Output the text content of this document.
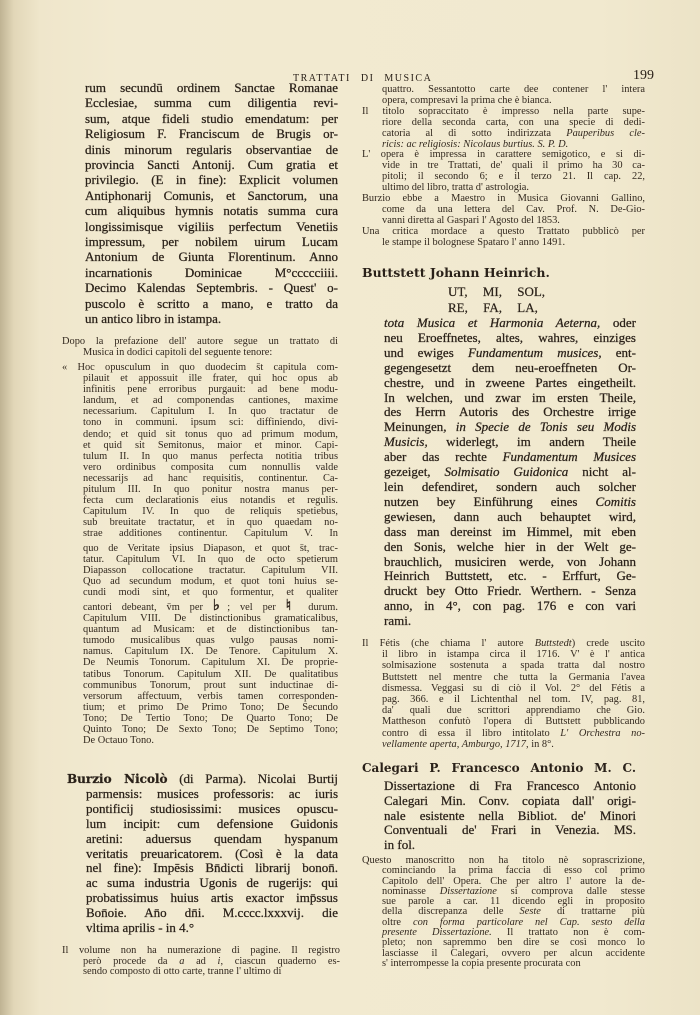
TRATTATI DI MUSICA	199
rum secundū ordinem Sanctae Romanae
Ecclesiae, summa cum diligentia revi-
sum, atque fideli studio emendatum: per
Religiosum F. Franciscum de Brugis or-
dinis minorum regularis observantiae de
provincia Sancti Antonij. Cum gratia et
privilegio. (E in fine): Explicit volumen
Antiphonarij Comunis, et Sanctorum, una
cum aliquibus hymnis notatis summa cura
longissimisque vigiliis perfectum Venetiis
impressum, per nobilem uirum Lucam
Antonium de Giunta Florentinum. Anno
incarnationis Dominicae M°ccccciiii.
Decimo Kalendas Septembris. - Quest' o-
puscolo è scritto a mano, e tratto da
un antico libro in istampa.
Dopo la prefazione dell' autore segue un trattato di
Musica in dodici capitoli del seguente tenore:
« Hoc opusculum in quo duodecim s̄t capitula com-
pilauit et appossuit ille frater, qui hoc opus ab
infinitis pene erroribus purgauit: ad bene modu-
landum, et ad componendas cantiones, maxime
necessarium. Capitulum I. In quo tractatur de
tono in communi. ipsum sci: diffiniendo, divi-
dendo; et quid sit tonus quo ad primum modum,
et quid sit Semitonus, maior et minor. Capi-
tulum II. In quo manus perfecta notitia tribus
vero ordinibus composita cum nonnullis valde
necessarijs ad hanc requisitis, continentur. Ca-
pitulum III. In quo ponitur nostra manus per-
fecta cum declarationis eius notandis et regulis.
Capitulum IV. In quo de reliquis spetiebus,
sub breuitate tractatur, et in quo quaedam no-
strae additiones continentur. Capitulum V. In
quo de Veritate ipsius Diapason, et quot s̄t, trac-
tatur. Capitulum VI. In quo de octo spetierum
Diapasson collocatione tractatur. Capitulum VII.
Quo ad secundum modum, et quot toni huius se-
cundi modi sint, et quo formentur, et qualiter
cantori debeant, v̄m per ♭; vel per ♮ durum.
Capitulum VIII. De distinctionibus gramaticalibus,
quantum ad Musicam: et de distinctionibus tan-
tumodo musicalibus quas vulgo pausas nomi-
namus. Capitulum IX. De Tenore. Capitulum X.
De Neumis Tonorum. Capitulum XI. De proprie-
tatibus Tonorum. Capitulum XII. De qualitatibus
communibus Tonorum, prout sunt inductinae di-
versorum affectuum, verbis tamen corresponden-
tium; et primo De Primo Tono; De Secundo
Tono; De Tertio Tono; De Quarto Tono; De
Quinto Tono; De Sexto Tono; De Septimo Tono;
De Octauo Tono.
Burzio Nicolò (di Parma). Nicolai Burtij
parmensis: musices professoris: ac iuris
pontificij studiosissimi: musices opuscu-
lum incipit: cum defensione Guidonis
aretini: aduersus quendam hyspanum
veritatis preuaricatorem. (Così è la data
nel fine): Impēsis Bn̄dicti librarij bonon̄.
ac suma industria Ugonis de rugerijs: qui
probatissimus huius artis exactor imp̄ssus
Bon̄oie. An̄o dn̄i. M.cccc.lxxxvij. die
vltima aprilis - in 4.°
Il volume non ha numerazione di pagine. Il registro
però procede da a ad i, ciascun quaderno es-
sendo composto di otto carte, tranne l' ultimo di
quattro. Sessantotto carte dee contener l' intera
opera, compresavi la prima che è bianca.
Il titolo sopraccitato è impresso nella parte supe-
riore della seconda carta, con una specie di dedi-
catoria al di sotto indirizzata Pauperibus cle-
ricis: ac religiosis: Nicolaus burtius. S. P. D.
L' opera è impressa in carattere semigotico, e si di-
vide in tre Trattati, de' quali il primo ha 30 ca-
pitoli; il secondo 6; e il terzo 21. Il cap. 22,
ultimo del libro, tratta d' astrologia.
Burzio ebbe a Maestro in Musica Giovanni Gallino,
come da una lettera del Cav. Prof. N. De-Gio-
vanni diretta al Gaspari l' Agosto del 1853.
Una critica mordace a questo Trattato pubblicò per
le stampe il bolognese Spataro l' anno 1491.
Buttstett Johann Heinrich.
UT, MI, SOL,
RE, FA, LA,
tota Musica et Harmonia Aeterna, oder
neu Eroeffnetes, altes, wahres, einziges
und ewiges Fundamentum musices, ent-
gegengesetzt dem neu-eroeffneten Or-
chestre, und in zweene Partes eingetheilt.
In welchen, und zwar im ersten Theile,
des Herrn Autoris des Orchestre irrige
Meinungen, in Specie de Tonis seu Modis
Musicis, widerlegt, im andern Theile
aber das rechte Fundamentum Musices
gezeiget, Solmisatio Guidonica nicht al-
lein defendiret, sondern auch solcher
nutzen bey Einführung eines Comitis
gewiesen, dann auch behauptet wird,
dass man dereinst im Himmel, mit eben
den Sonis, welche hier in der Welt ge-
brauchlich, musiciren werde, von Johann
Heinrich Buttstett, etc. - Erffurt, Ge-
druckt bey Otto Friedr. Werthern. - Senza
anno, in 4°, con pag. 176 e con vari
rami.
Il Fétis (che chiama l' autore Buttstedt) crede uscito
il libro in istampa circa il 1716. V' è l' antica
solmisazione sostenuta a spada tratta dal nostro
Buttstett nel mentre che tutta la Germania l'avea
dismessa. Veggasi su di ciò il Vol. 2° del Fétis a
pag. 366. e il Lichtenthal nel tom. IV, pag. 81,
da' quali due scrittori apprendiamo che Gio.
Mattheson confutò l'opera di Buttstett pubblicando
contro di essa il libro intitolato L' Orchestra no-
vellamente aperta, Amburgo, 1717, in 8°.
Calegari P. Francesco Antonio M. C.
Dissertazione di Fra Francesco Antonio
Calegari Min. Conv. copiata dall' origi-
nale esistente nella Bibliot. de' Minori
Conventuali de' Frari in Venezia. MS.
in fol.
Questo manoscritto non ha titolo nè soprascrizione,
cominciando la prima faccia di esso col primo
Capitolo dell' Opera. Che per altro l' autore la de-
nominasse Dissertazione si comprova dalle stesse
sue parole a car. 11 dicendo egli in proposito
della discrepanza delle Seste di trattarne più
oltre con forma particolare nel Cap. sesto della
presente Dissertazione. Il trattato non è com-
pleto; non sapremmo ben dire se così monco lo
lasciasse il Calegari, ovvero per alcun accidente
s' interrompesse la copia presente procurata con
